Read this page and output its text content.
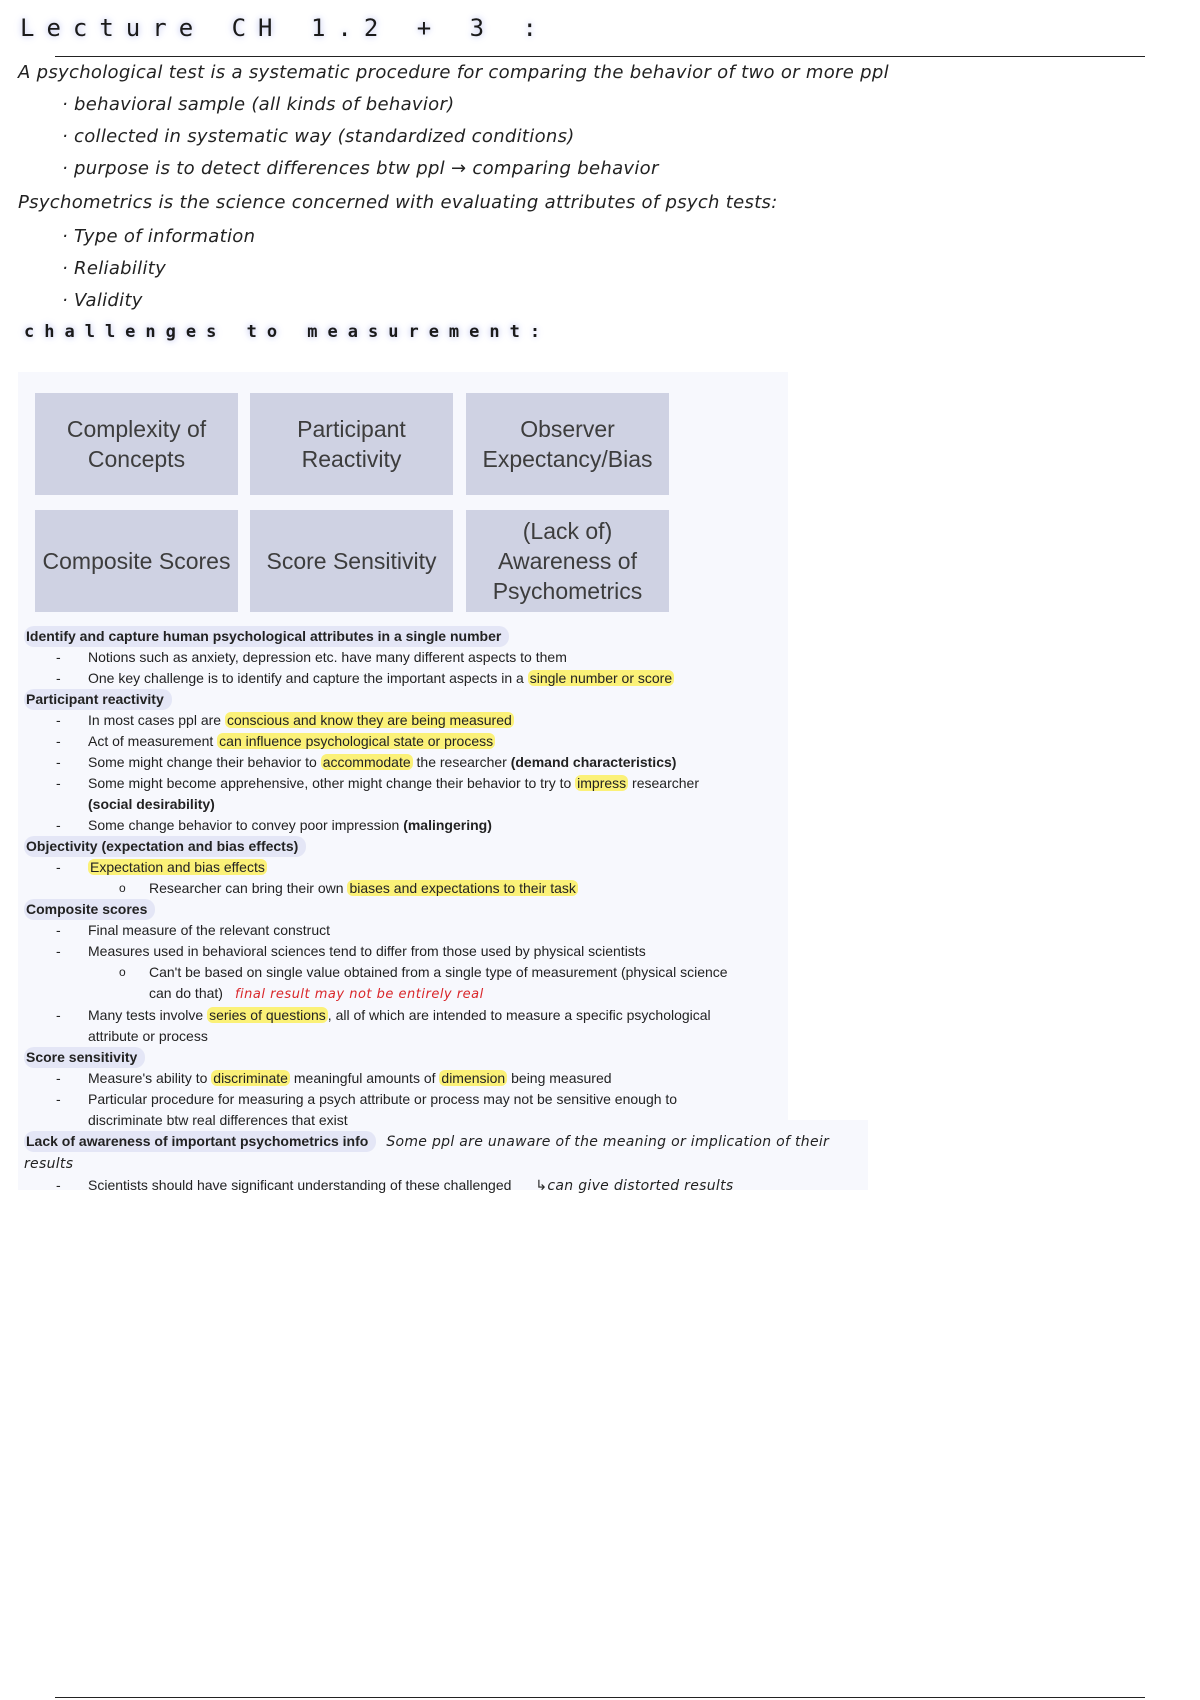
Lecture CH 1.2 + 3 :
A psychological test is a systematic procedure for comparing the behavior of two or more ppl
· behavioral sample (all kinds of behavior)
· collected in systematic way (standardized conditions)
· purpose is to detect differences btw ppl → comparing behavior
Psychometrics is the science concerned with evaluating attributes of psych tests:
· Type of information
· Reliability
· Validity
challenges to measurement:
Complexity of Concepts
Participant Reactivity
Observer Expectancy/Bias
Composite Scores	Score Sensitivity
(Lack of) Awareness of Psychometrics
Identify and capture human psychological attributes in a single number
- Notions such as anxiety, depression etc. have many different aspects to them
- One key challenge is to identify and capture the important aspects in a single number or score
Participant reactivity
- In most cases ppl are conscious and know they are being measured
- Act of measurement can influence psychological state or process
- Some might change their behavior to accommodate the researcher (demand characteristics)
- Some might become apprehensive, other might change their behavior to try to impress researcher
(social desirability)
- Some change behavior to convey poor impression (malingering)
Objectivity (expectation and bias effects)
- Expectation and bias effects
o Researcher can bring their own biases and expectations to their task
Composite scores
- Final measure of the relevant construct
- Measures used in behavioral sciences tend to differ from those used by physical scientists
o Can't be based on single value obtained from a single type of measurement (physical science
can do that) final result may not be entirely real
- Many tests involve series of questions , all of which are intended to measure a specific psychological
attribute or process
Score sensitivity
- Measure's ability to discriminate meaningful amounts of dimension being measured
- Particular procedure for measuring a psych attribute or process may not be sensitive enough to
discriminate btw real differences that exist
Lack of awareness of important psychometrics info Some ppl are unaware of the meaning or implication of their results
- Scientists should have significant understanding of these challenged ↳can give distorted results
